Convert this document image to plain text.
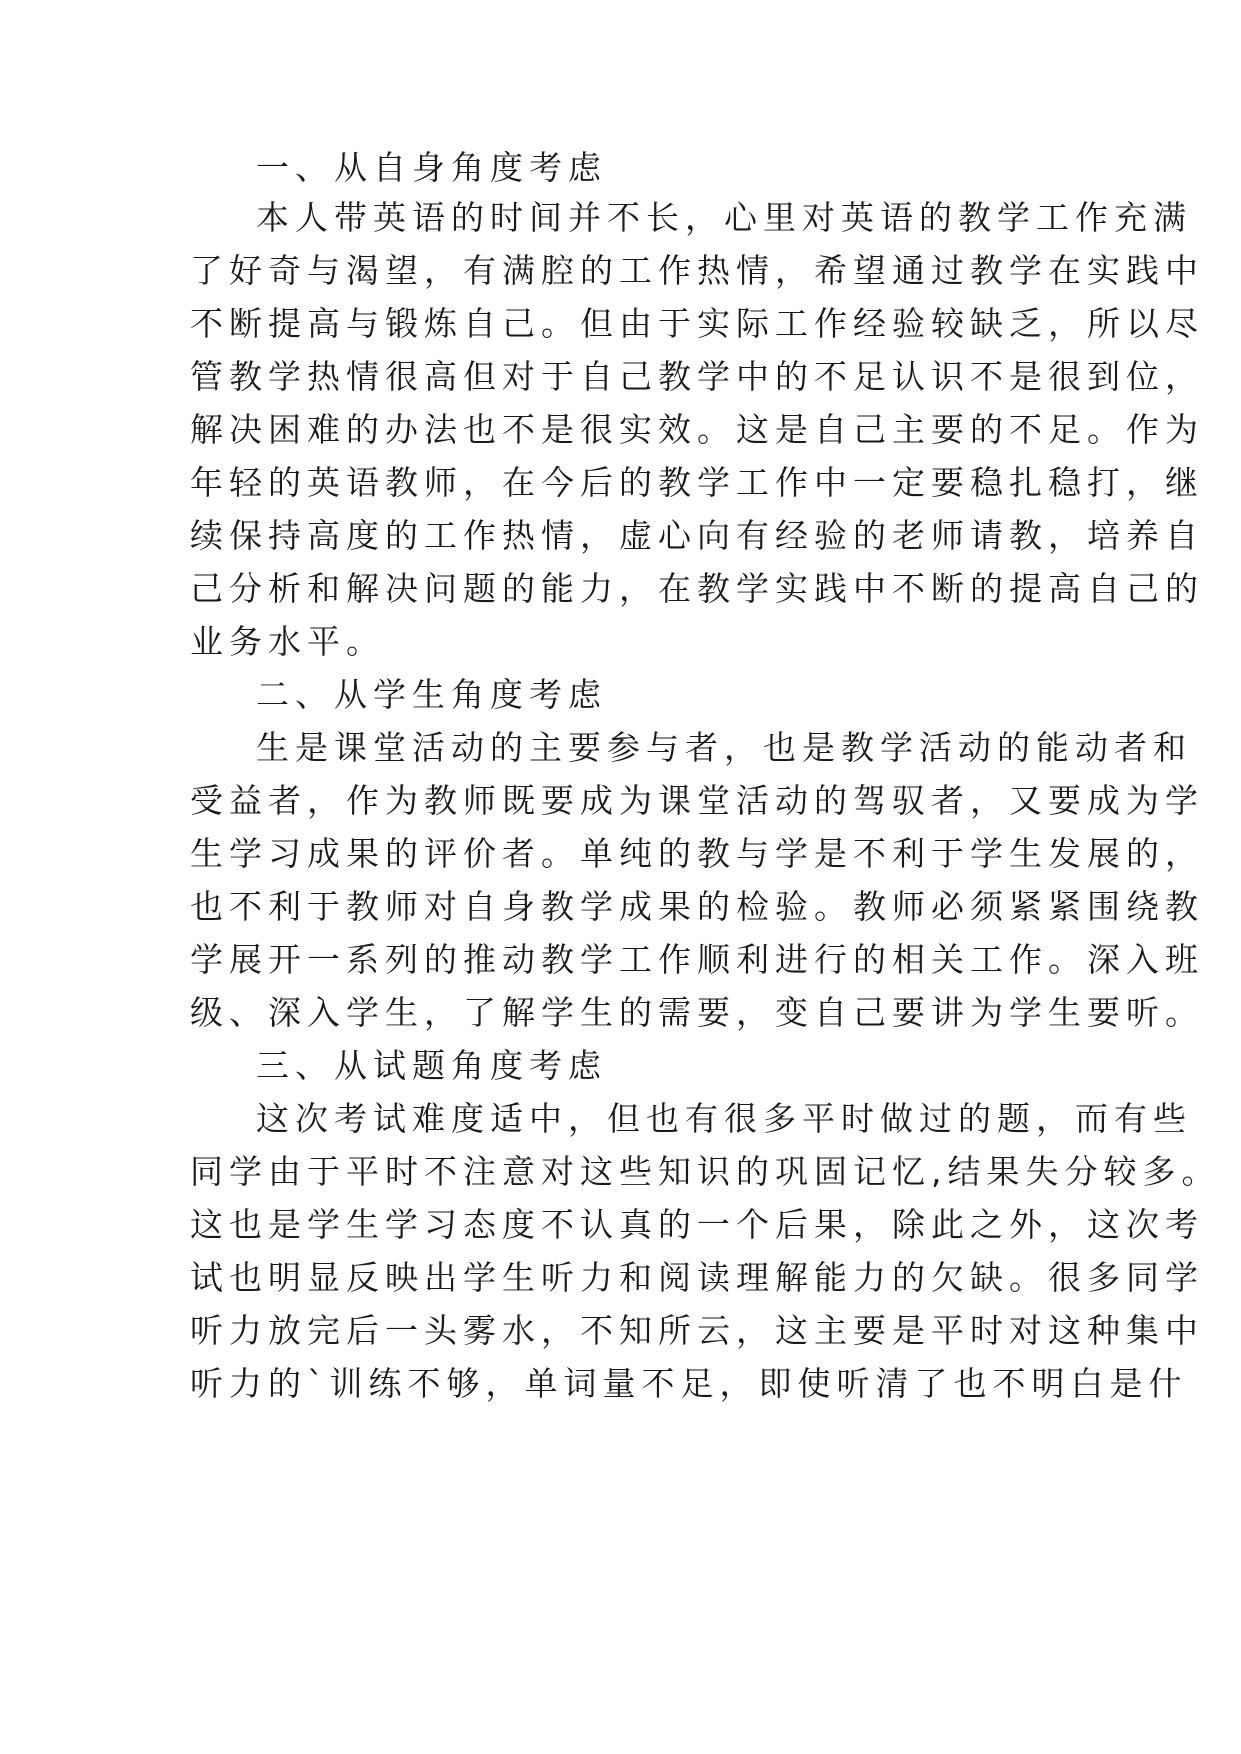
一、从自身角度考虑
本人带英语的时间并不长，心里对英语的教学工作充满
了好奇与渴望，有满腔的工作热情，希望通过教学在实践中
不断提高与锻炼自己。但由于实际工作经验较缺乏，所以尽
管教学热情很高但对于自己教学中的不足认识不是很到位，
解决困难的办法也不是很实效。这是自己主要的不足。作为
年轻的英语教师，在今后的教学工作中一定要稳扎稳打，继
续保持高度的工作热情，虚心向有经验的老师请教，培养自
己分析和解决问题的能力，在教学实践中不断的提高自己的
业务水平。
二、从学生角度考虑
生是课堂活动的主要参与者，也是教学活动的能动者和
受益者，作为教师既要成为课堂活动的驾驭者，又要成为学
生学习成果的评价者。单纯的教与学是不利于学生发展的，
也不利于教师对自身教学成果的检验。教师必须紧紧围绕教
学展开一系列的推动教学工作顺利进行的相关工作。深入班
级、深入学生，了解学生的需要，变自己要讲为学生要听。
三、从试题角度考虑
这次考试难度适中，但也有很多平时做过的题，而有些
同学由于平时不注意对这些知识的巩固记忆,结果失分较多。
这也是学生学习态度不认真的一个后果，除此之外，这次考
试也明显反映出学生听力和阅读理解能力的欠缺。很多同学
听力放完后一头雾水，不知所云，这主要是平时对这种集中
听力的`训练不够，单词量不足，即使听清了也不明白是什
